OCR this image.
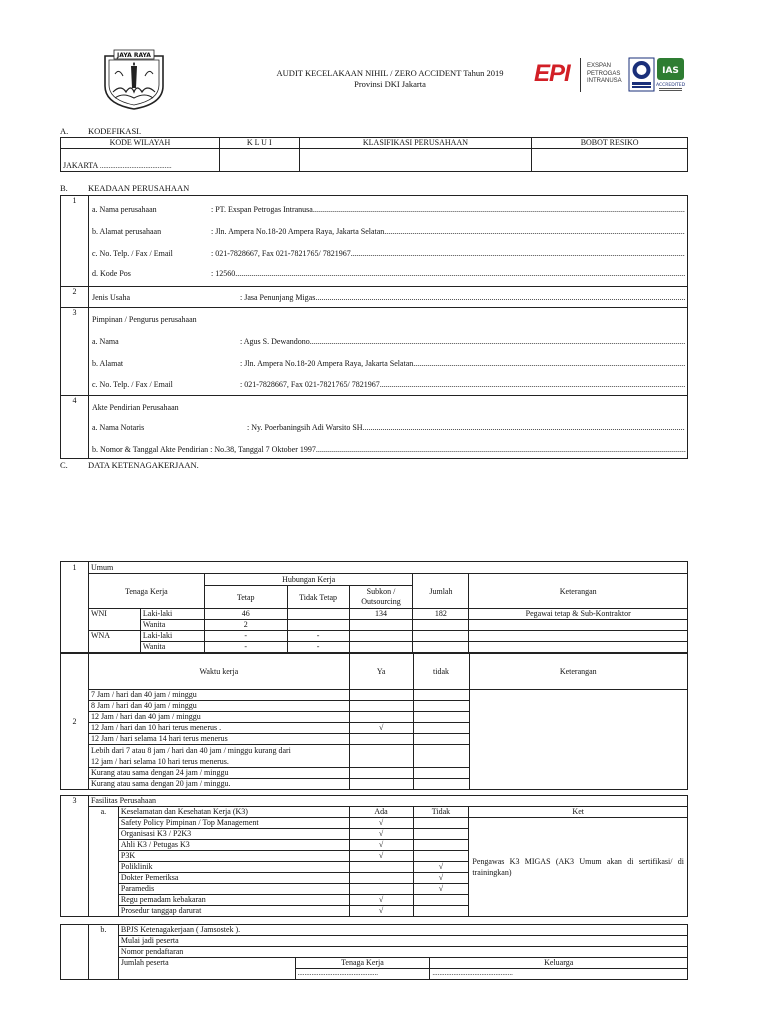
JAYA RAYA
AUDIT KECELAKAAN NIHIL / ZERO ACCIDENT Tahun 2019
Provinsi DKI Jakarta	EPI	EXSPAN
PETROGAS
INTRANUSA
IAS
ACCREDITED
A. KODEFIKASI.
KODE WILAYAH	K L U I	KLASIFIKASI PERUSAHAAN	BOBOT RESIKO
JAKARTA .........................................			
B. KEADAAN PERUSAHAAN
1
a. Nama perusahaan	: PT. Exspan Petrogas Intranusa .....
b. Alamat perusahaan	: Jln. Ampera No.18-20 Ampera Raya, Jakarta Selatan .....
c. No. Telp. / Fax / Email	: 021-7828667, Fax 021-7821765/ 7821967 .....
d. Kode Pos	: 12560 .....
2
Jenis Usaha	: Jasa Penunjang Migas .....
3
Pimpinan / Pengurus perusahaan
a. Nama	: Agus S. Dewandono .....
b. Alamat	: Jln. Ampera No.18-20 Ampera Raya, Jakarta Selatan .....
c. No. Telp. / Fax / Email	: 021-7828667, Fax 021-7821765/ 7821967 .....
4
Akte Pendirian Perusahaan
a. Nama Notaris	: Ny. Poerbaningsih Adi Warsito SH .....
b. Nomor & Tanggal Akte Pendirian : No.38, Tanggal 7 Oktober 1997 .....
C. DATA KETENAGAKERJAAN.
1	Umum						
	Tenaga Kerja		Hubungan Kerja			Jumlah	Keterangan
			Tetap	Tidak Tetap	Subkon / Outsourcing		
	WNI	Laki-laki	46		134	182	Pegawai tetap & Sub-Kontraktor
		Wanita	2				
	WNA	Laki-laki	-	-			
		Wanita	-	-			
2	Waktu kerja	Ya	tidak	Keterangan
	7 Jam / hari dan 40 jam / minggu			
	8 Jam / hari dan 40 jam / minggu			
	12 Jam / hari dan 40 jam / minggu			
	12 Jam / hari dan 10 hari terus menerus .	√		
	12 Jam / hari selama 14 hari terus menerus			

	Lebih dari 7 atau 8 jam / hari dan 40 jam / minggu kurang dari
12 jam / hari selama 10 hari terus menerus.			

	Kurang atau sama dengan 24 jam / minggu			
	Kurang atau sama dengan 20 jam / minggu.			
3	Fasilitas Perusahaan				
	a.	Keselamatan dan Kesehatan Kerja (K3)	Ada	Tidak	Ket
		Safety Policy Pimpinan / Top Management	√		Pengawas K3 MIGAS (AK3 Umum akan di sertifikasi/ di trainingkan)
		Organisasi K3 / P2K3	√		
		Ahli K3 / Petugas K3	√		
		P3K	√		
		Poliklinik		√	
		Dokter Pemeriksa		√	
		Paramedis		√	
		Regu pemadam kebakaran	√		
		Prosedur tanggap darurat	√		
	b.	BPJS Ketenagakerjaan ( Jamsostek ).		
		Mulai jadi peserta		
		Nomor pendaftaran		
		Jumlah peserta	Tenaga Kerja	Keluarga
			..............................................	..............................................
